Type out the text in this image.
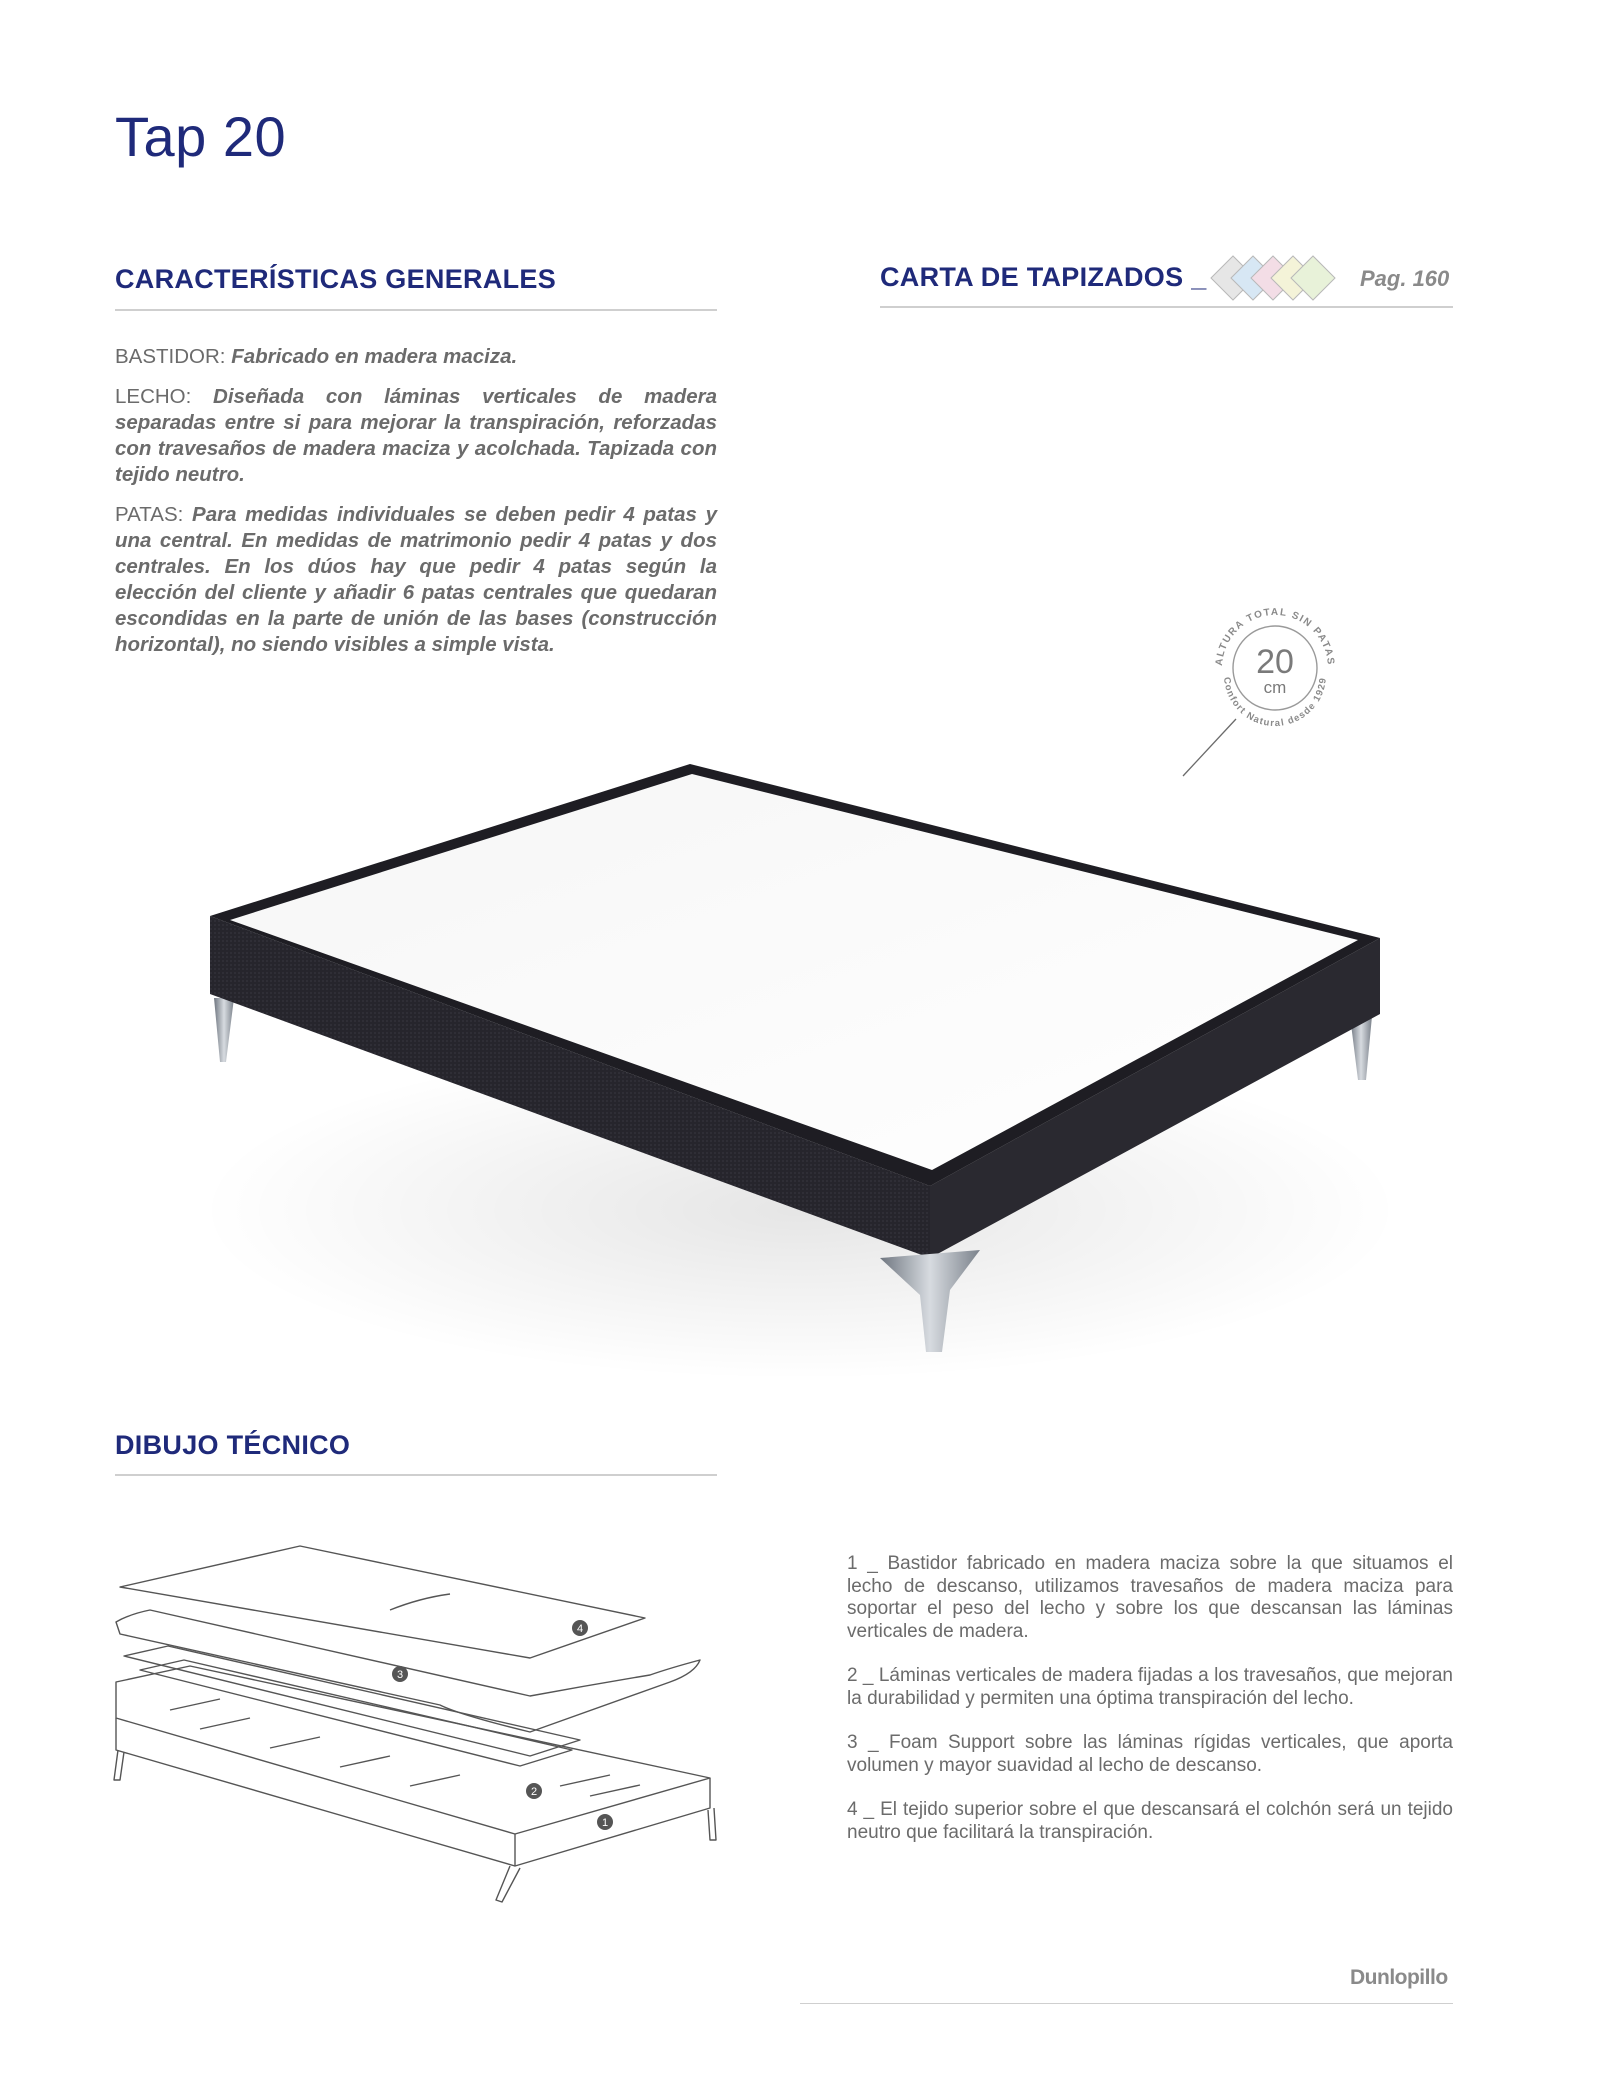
Tap 20
CARACTERÍSTICAS GENERALES

BASTIDOR: Fabricado en madera maciza.

LECHO: Diseñada con láminas verticales de madera separadas entre si para mejorar la transpiración, reforzadas con travesaños de madera maciza y acolchada. Tapizada con tejido neutro.

PATAS: Para medidas individuales se deben pedir 4 patas y una central. En medidas de matrimonio pedir 4 patas y dos centrales. En los dúos hay que pedir 4 patas según la elección del cliente y añadir 6 patas centrales que quedaran escondidas en la parte de unión de las bases (construcción horizontal), no siendo visibles a simple vista.

CARTA DE TAPIZADOS _	Pag. 160
ALTURA TOTAL SIN PATAS
Confort Natural desde 1929
20
cm
DIBUJO TÉCNICO
4
3
2
1

1 _ Bastidor fabricado en madera maciza sobre la que situamos el lecho de descanso, utilizamos travesaños de madera maciza para soportar el peso del lecho y sobre los que descansan las láminas verticales de madera.

2 _ Láminas verticales de madera fijadas a los travesaños, que mejoran la durabilidad y permiten una óptima transpiración del lecho.

3 _ Foam Support sobre las láminas rígidas verticales, que aporta volumen y mayor suavidad al lecho de descanso.

4 _ El tejido superior sobre el que descansará el colchón será un tejido neutro que facilitará la transpiración.

Dunlopillo
